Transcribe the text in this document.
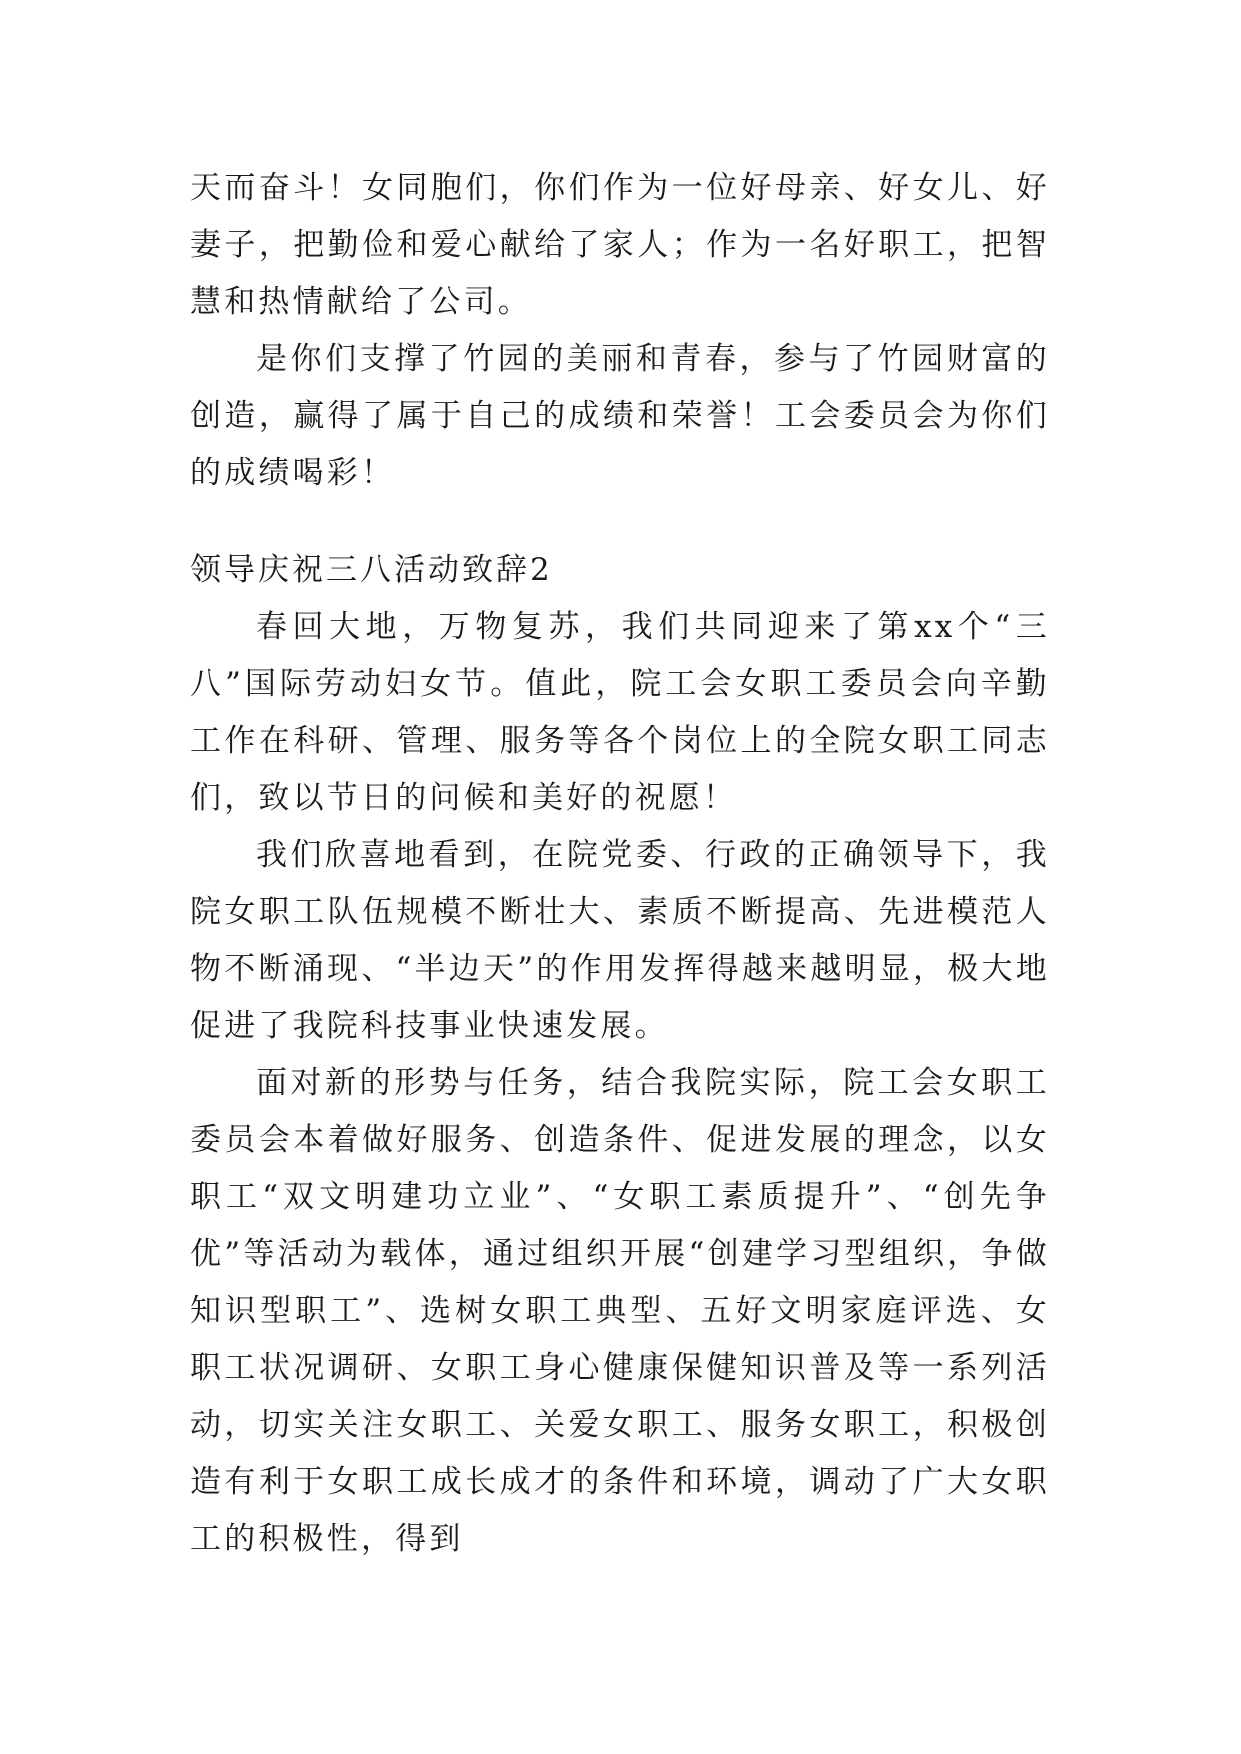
天而奋斗！女同胞们，你们作为一位好母亲、好女儿、好妻子，把勤俭和爱心献给了家人；作为一名好职工，把智慧和热情献给了公司。

是你们支撑了竹园的美丽和青春，参与了竹园财富的创造，赢得了属于自己的成绩和荣誉！工会委员会为你们的成绩喝彩！

领导庆祝三八活动致辞2

春回大地，万物复苏，我们共同迎来了第xx个“三八”国际劳动妇女节。值此，院工会女职工委员会向辛勤工作在科研、管理、服务等各个岗位上的全院女职工同志们，致以节日的问候和美好的祝愿！

我们欣喜地看到，在院党委、行政的正确领导下，我院女职工队伍规模不断壮大、素质不断提高、先进模范人物不断涌现、“半边天”的作用发挥得越来越明显，极大地促进了我院科技事业快速发展。

面对新的形势与任务，结合我院实际，院工会女职工委员会本着做好服务、创造条件、促进发展的理念，以女职工“双文明建功立业”、“女职工素质提升”、“创先争优”等活动为载体，通过组织开展“创建学习型组织，争做知识型职工”、选树女职工典型、五好文明家庭评选、女职工状况调研、女职工身心健康保健知识普及等一系列活动，切实关注女职工、关爱女职工、服务女职工，积极创造有利于女职工成长成才的条件和环境，调动了广大女职工的积极性，得到
